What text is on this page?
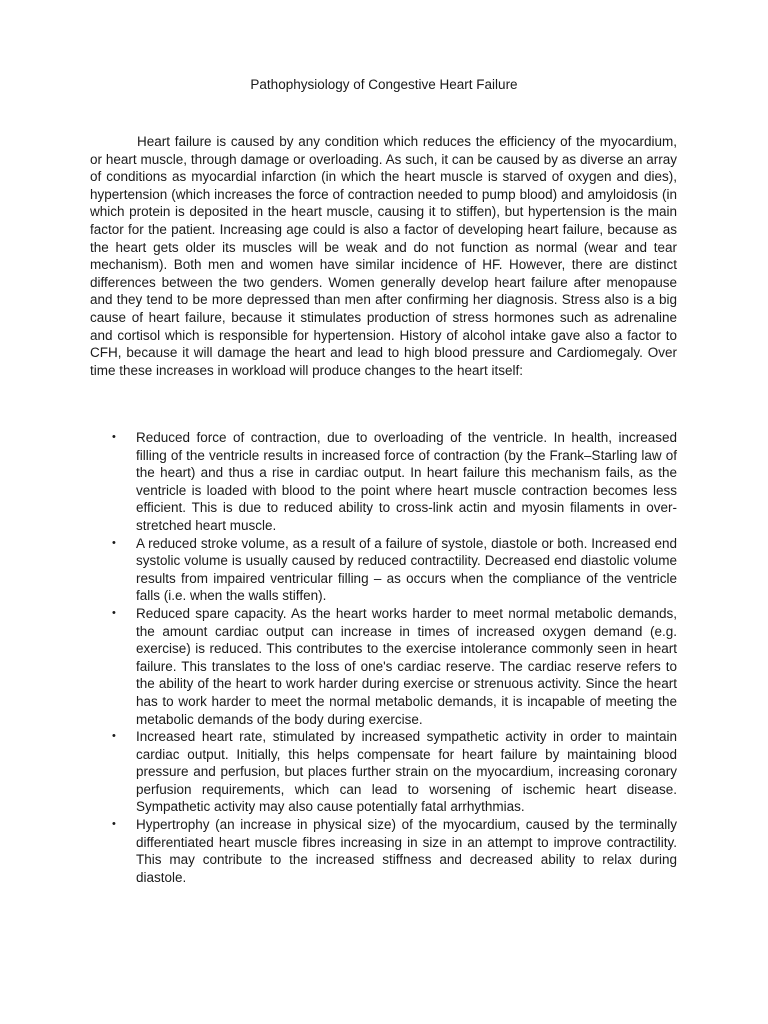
Pathophysiology of Congestive Heart Failure

Heart failure is caused by any condition which reduces the efficiency of the myocardium, or heart muscle, through damage or overloading. As such, it can be caused by as diverse an array of conditions as myocardial infarction (in which the heart muscle is starved of oxygen and dies), hypertension (which increases the force of contraction needed to pump blood) and amyloidosis (in which protein is deposited in the heart muscle, causing it to stiffen), but hypertension is the main factor for the patient. Increasing age could is also a factor of developing heart failure, because as the heart gets older its muscles will be weak and do not function as normal (wear and tear mechanism). Both men and women have similar incidence of HF. However, there are distinct differences between the two genders. Women generally develop heart failure after menopause and they tend to be more depressed than men after confirming her diagnosis. Stress also is a big cause of heart failure, because it stimulates production of stress hormones such as adrenaline and cortisol which is responsible for hypertension. History of alcohol intake gave also a factor to CFH, because it will damage the heart and lead to high blood pressure and Cardiomegaly. Over time these increases in workload will produce changes to the heart itself:

• Reduced force of contraction, due to overloading of the ventricle. In health, increased filling of the ventricle results in increased force of contraction (by the Frank–Starling law of the heart) and thus a rise in cardiac output. In heart failure this mechanism fails, as the ventricle is loaded with blood to the point where heart muscle contraction becomes less efficient. This is due to reduced ability to cross-link actin and myosin filaments in over-stretched heart muscle.
• A reduced stroke volume, as a result of a failure of systole, diastole or both. Increased end systolic volume is usually caused by reduced contractility. Decreased end diastolic volume results from impaired ventricular filling – as occurs when the compliance of the ventricle falls (i.e. when the walls stiffen).
• Reduced spare capacity. As the heart works harder to meet normal metabolic demands, the amount cardiac output can increase in times of increased oxygen demand (e.g. exercise) is reduced. This contributes to the exercise intolerance commonly seen in heart failure. This translates to the loss of one's cardiac reserve. The cardiac reserve refers to the ability of the heart to work harder during exercise or strenuous activity. Since the heart has to work harder to meet the normal metabolic demands, it is incapable of meeting the metabolic demands of the body during exercise.
• Increased heart rate, stimulated by increased sympathetic activity in order to maintain cardiac output. Initially, this helps compensate for heart failure by maintaining blood pressure and perfusion, but places further strain on the myocardium, increasing coronary perfusion requirements, which can lead to worsening of ischemic heart disease. Sympathetic activity may also cause potentially fatal arrhythmias.
• Hypertrophy (an increase in physical size) of the myocardium, caused by the terminally differentiated heart muscle fibres increasing in size in an attempt to improve contractility. This may contribute to the increased stiffness and decreased ability to relax during diastole.
